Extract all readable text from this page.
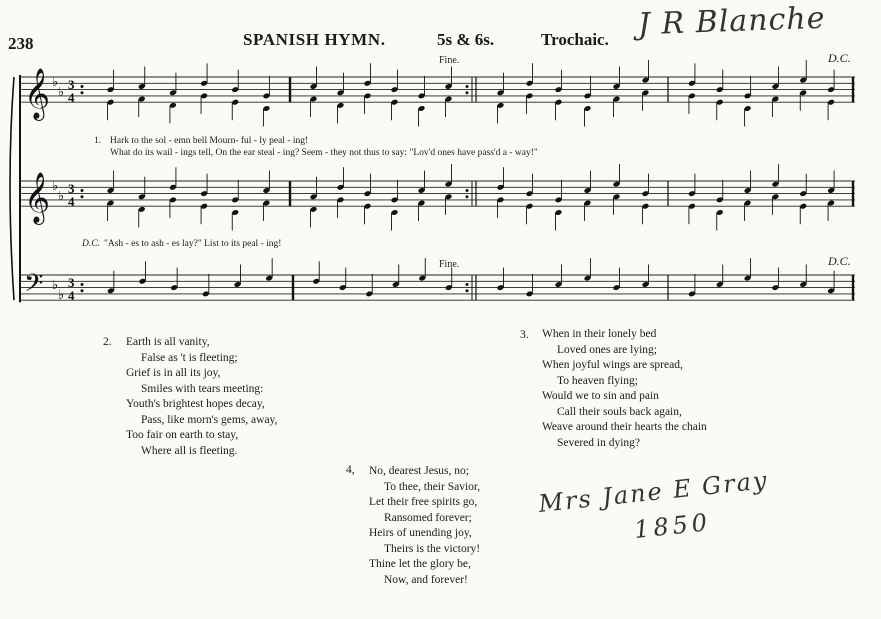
238	SPANISH HYMN.	5s & 6s.	Trochaic. J R Blanche
𝄞 ♭
♭
3
4
𝄞 ♭
♭
3
4
𝄢 ♭
♭
3
4
Fine.	D.C.
Fine.	D.C.
1. Hark to the sol - emn bell Mourn- ful - ly peal - ing!
What do its wail - ings tell, On the ear steal - ing? Seem - they not thus to say: "Lov'd ones have pass'd a - way!"
D.C. "Ash - es to ash - es lay?" List to its peal - ing!
2. Earth is all vanity,
False as 't is fleeting;
Grief is in all its joy,
Smiles with tears meeting:
Youth's brightest hopes decay,
Pass, like morn's gems, away,
Too fair on earth to stay,
Where all is fleeting.
3. When in their lonely bed
Loved ones are lying;
When joyful wings are spread,
To heaven flying;
Would we to sin and pain
Call their souls back again,
Weave around their hearts the chain
Severed in dying?
4, No, dearest Jesus, no;
To thee, their Savior,
Let their free spirits go,
Ransomed forever;
Heirs of unending joy,
Theirs is the victory!
Thine let the glory be,
Now, and forever!
Mrs Jane E Gray
1850
